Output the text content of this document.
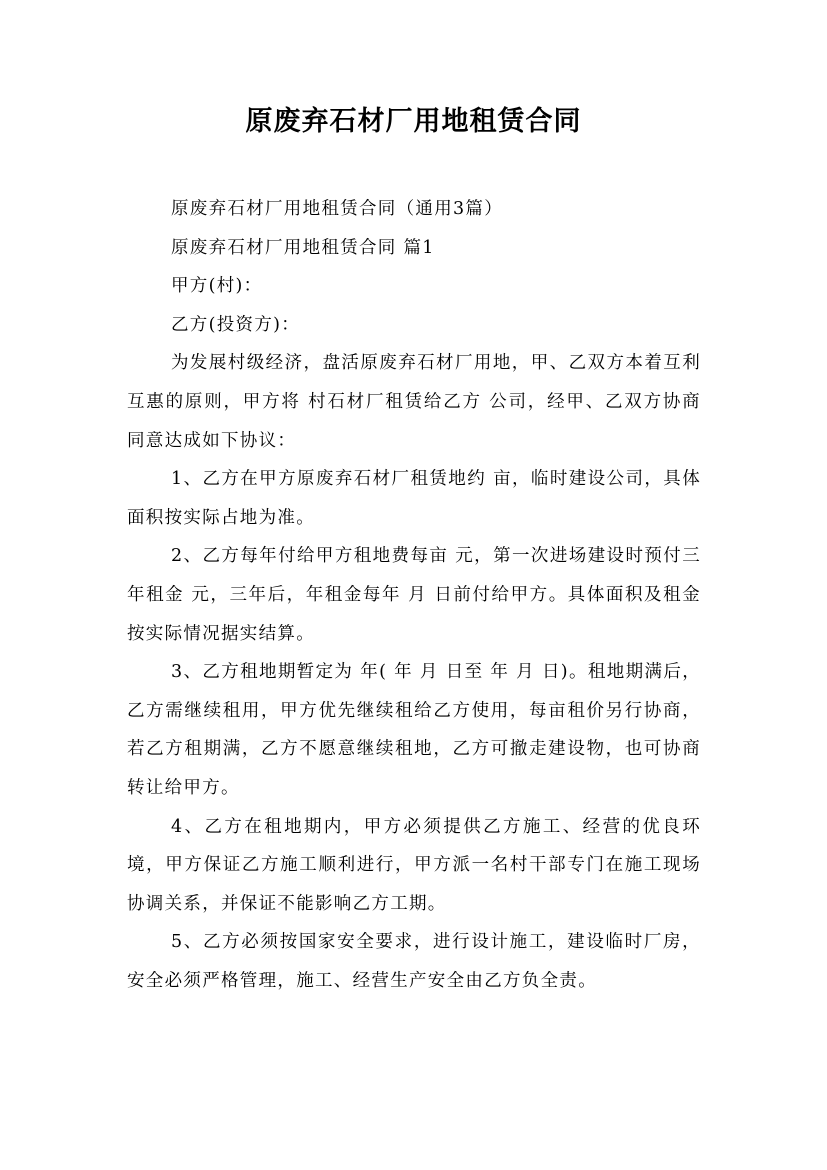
原废弃石材厂用地租赁合同

原废弃石材厂用地租赁合同（通用3篇）

原废弃石材厂用地租赁合同 篇1

甲方(村)：

乙方(投资方)：

为发展村级经济，盘活原废弃石材厂用地，甲、乙双方本着互利互惠的原则，甲方将 村石材厂租赁给乙方 公司，经甲、乙双方协商同意达成如下协议：

1、乙方在甲方原废弃石材厂租赁地约 亩，临时建设公司，具体面积按实际占地为准。

2、乙方每年付给甲方租地费每亩 元，第一次进场建设时预付三年租金 元，三年后，年租金每年 月 日前付给甲方。具体面积及租金按实际情况据实结算。

3、乙方租地期暂定为 年( 年 月 日至 年 月 日)。租地期满后，乙方需继续租用，甲方优先继续租给乙方使用，每亩租价另行协商，若乙方租期满，乙方不愿意继续租地，乙方可撤走建设物，也可协商转让给甲方。

4、乙方在租地期内，甲方必须提供乙方施工、经营的优良环境，甲方保证乙方施工顺利进行，甲方派一名村干部专门在施工现场协调关系，并保证不能影响乙方工期。

5、乙方必须按国家安全要求，进行设计施工，建设临时厂房，安全必须严格管理，施工、经营生产安全由乙方负全责。
